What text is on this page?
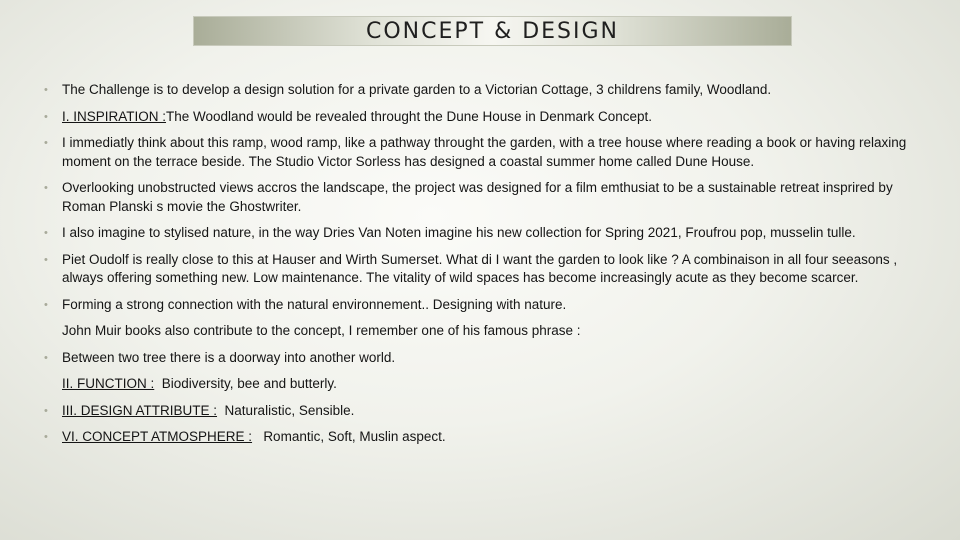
CONCEPT & DESIGN
• The Challenge is to develop a design solution for a private garden to a Victorian Cottage, 3 childrens family, Woodland.
• I. INSPIRATION :The Woodland would be revealed throught the Dune House in Denmark Concept.
• I immediatly think about this ramp, wood ramp, like a pathway throught the garden, with a tree house where reading a book or having relaxing moment on the terrace beside. The Studio Victor Sorless has designed a coastal summer home called Dune House.
• Overlooking unobstructed views accros the landscape, the project was designed for a film emthusiat to be a sustainable retreat insprired by Roman Planski s movie the Ghostwriter.
• I also imagine to stylised nature, in the way Dries Van Noten imagine his new collection for Spring 2021, Froufrou pop, musselin tulle.
• Piet Oudolf is really close to this at Hauser and Wirth Sumerset. What di I want the garden to look like ? A combinaison in all four seeasons , always offering something new. Low maintenance. The vitality of wild spaces has become increasingly acute as they become scarcer.
• Forming a strong connection with the natural environnement.. Designing with nature.
John Muir books also contribute to the concept, I remember one of his famous phrase :
• Between two tree there is a doorway into another world.
II. FUNCTION : Biodiversity, bee and butterly.
• III. DESIGN ATTRIBUTE : Naturalistic, Sensible.
• VI. CONCEPT ATMOSPHERE : Romantic, Soft, Muslin aspect.
